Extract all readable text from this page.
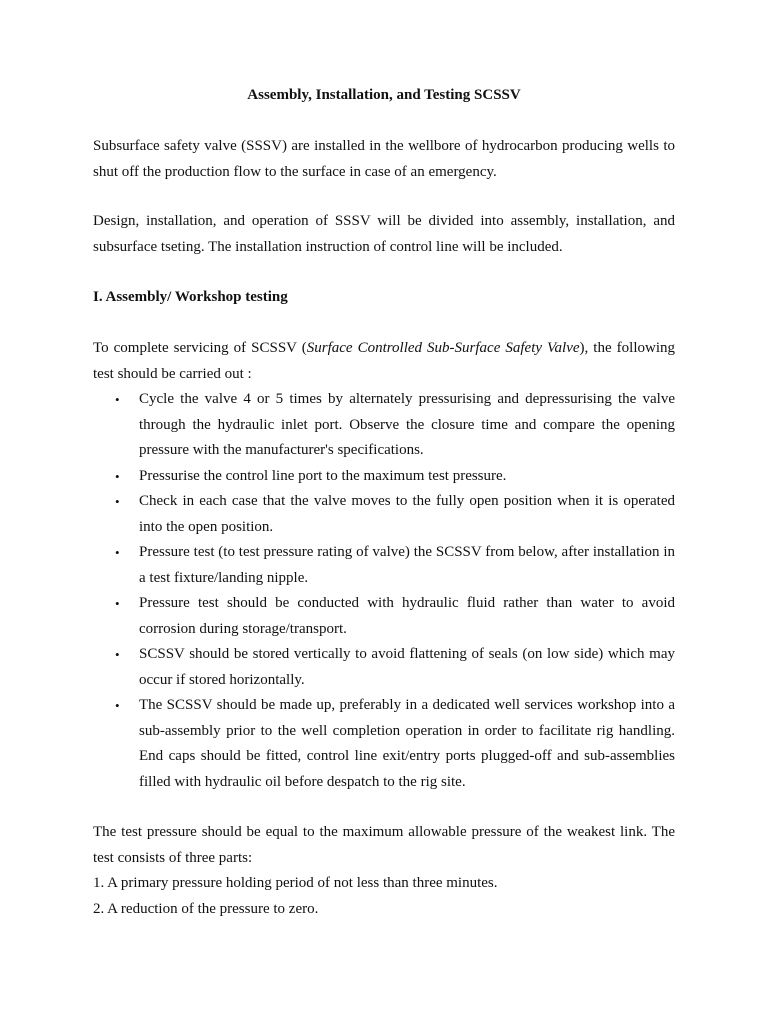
Assembly, Installation, and Testing SCSSV
Subsurface safety valve (SSSV) are installed in the wellbore of hydrocarbon producing wells to shut off the production flow to the surface in case of an emergency.
Design, installation, and operation of SSSV will be divided into assembly, installation, and subsurface tseting. The installation instruction of control line will be included.
I. Assembly/ Workshop testing
To complete servicing of SCSSV (Surface Controlled Sub-Surface Safety Valve), the following test should be carried out :
• Cycle the valve 4 or 5 times by alternately pressurising and depressurising the valve through the hydraulic inlet port. Observe the closure time and compare the opening pressure with the manufacturer's specifications.
• Pressurise the control line port to the maximum test pressure.
• Check in each case that the valve moves to the fully open position when it is operated into the open position.
• Pressure test (to test pressure rating of valve) the SCSSV from below, after installation in a test fixture/landing nipple.
• Pressure test should be conducted with hydraulic fluid rather than water to avoid corrosion during storage/transport.
• SCSSV should be stored vertically to avoid flattening of seals (on low side) which may occur if stored horizontally.
• The SCSSV should be made up, preferably in a dedicated well services workshop into a sub-assembly prior to the well completion operation in order to facilitate rig handling. End caps should be fitted, control line exit/entry ports plugged-off and sub-assemblies filled with hydraulic oil before despatch to the rig site.
The test pressure should be equal to the maximum allowable pressure of the weakest link. The test consists of three parts:
1. A primary pressure holding period of not less than three minutes.
2. A reduction of the pressure to zero.
